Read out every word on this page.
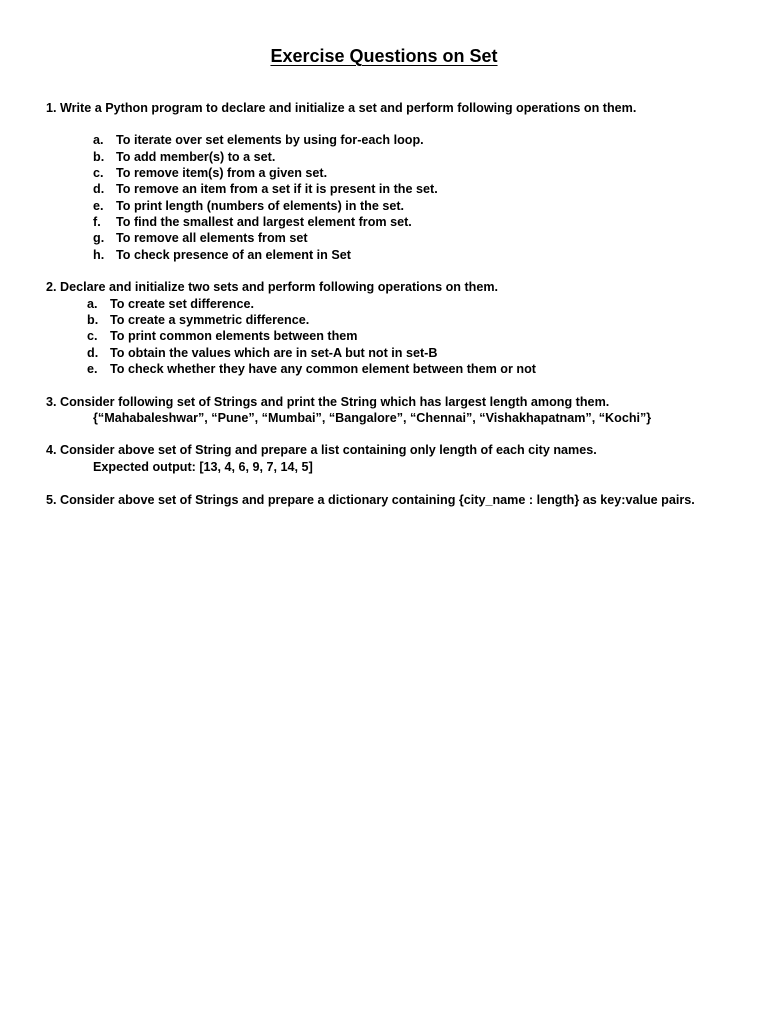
Exercise Questions on Set
1. Write a Python program to declare and initialize a set and perform following operations on them.
a. To iterate over set elements by using for-each loop.
b. To add member(s) to a set.
c. To remove item(s) from a given set.
d. To remove an item from a set if it is present in the set.
e. To print length (numbers of elements) in the set.
f. To find the smallest and largest element from set.
g. To remove all elements from set
h. To check presence of an element in Set
2. Declare and initialize two sets and perform following operations on them.
a. To create set difference.
b. To create a symmetric difference.
c. To print common elements between them
d. To obtain the values which are in set-A but not in set-B
e. To check whether they have any common element between them or not
3. Consider following set of Strings and print the String which has largest length among them.
{“Mahabaleshwar”, “Pune”, “Mumbai”, “Bangalore”, “Chennai”, “Vishakhapatnam”, “Kochi”}
4. Consider above set of String and prepare a list containing only length of each city names.
Expected output: [13, 4, 6, 9, 7, 14, 5]
5. Consider above set of Strings and prepare a dictionary containing {city_name : length} as key:value pairs.
